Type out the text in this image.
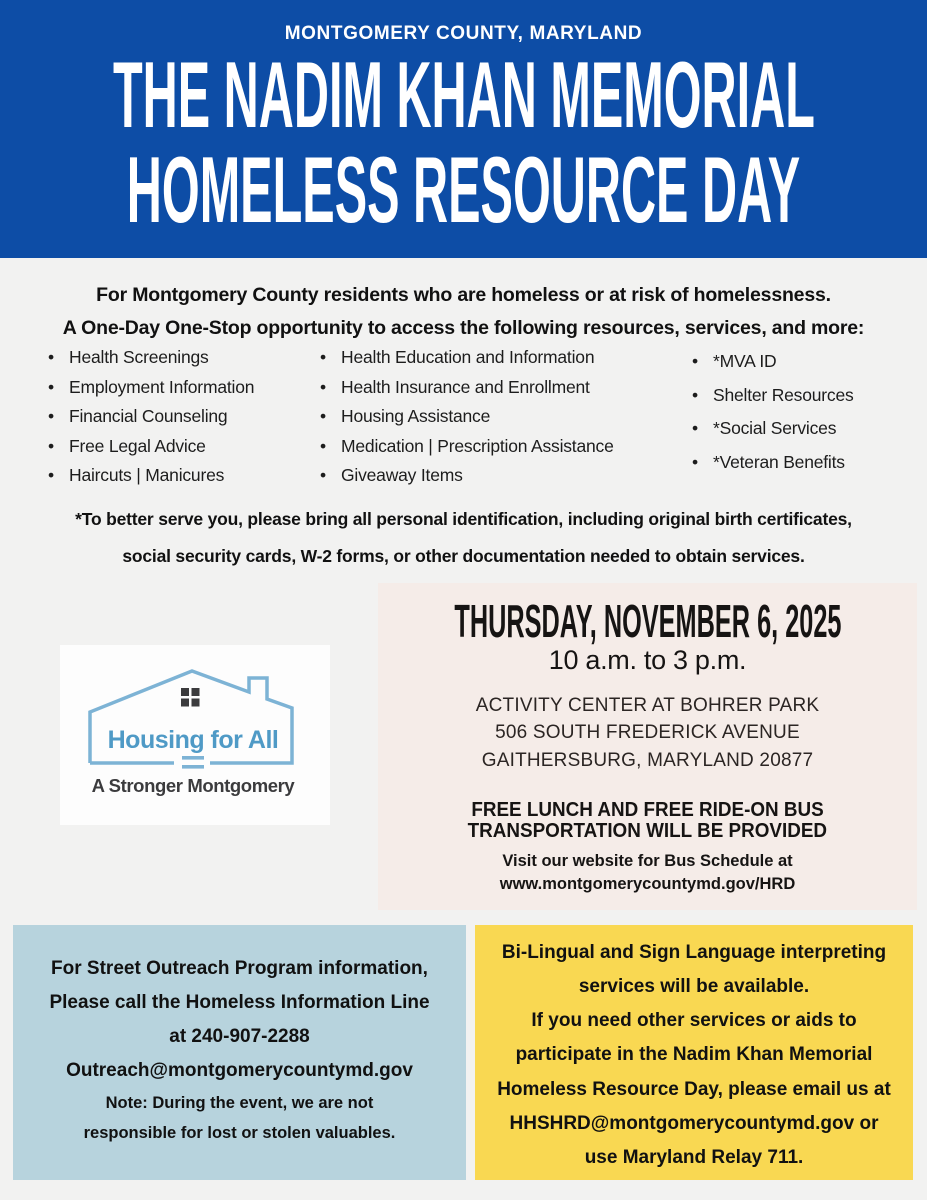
MONTGOMERY COUNTY, MARYLAND
THE NADIM KHAN MEMORIAL
HOMELESS RESOURCE DAY

For Montgomery County residents who are homeless or at risk of homelessness.

A One-Day One-Stop opportunity to access the following resources, services, and more:

• Health Screenings
• Employment Information
• Financial Counseling
• Free Legal Advice
• Haircuts | Manicures
• Health Education and Information
• Health Insurance and Enrollment
• Housing Assistance
• Medication | Prescription Assistance
• Giveaway Items
• *MVA ID
• Shelter Resources
• *Social Services
• *Veteran Benefits

*To better serve you, please bring all personal identification, including original birth certificates,
social security cards, W-2 forms, or other documentation needed to obtain services.

Housing for All
A Stronger Montgomery
THURSDAY, NOVEMBER 6, 2025
10 a.m. to 3 p.m.
ACTIVITY CENTER AT BOHRER PARK
506 SOUTH FREDERICK AVENUE
GAITHERSBURG, MARYLAND 20877
FREE LUNCH AND FREE RIDE-ON BUS
TRANSPORTATION WILL BE PROVIDED
Visit our website for Bus Schedule at
www.montgomerycountymd.gov/HRD
For Street Outreach Program information,
Please call the Homeless Information Line
at 240-907-2288
Outreach@montgomerycountymd.gov
Note: During the event, we are not
responsible for lost or stolen valuables.
Bi-Lingual and Sign Language interpreting
services will be available.
If you need other services or aids to
participate in the Nadim Khan Memorial
Homeless Resource Day, please email us at
HHSHRD@montgomerycountymd.gov or
use Maryland Relay 711.
